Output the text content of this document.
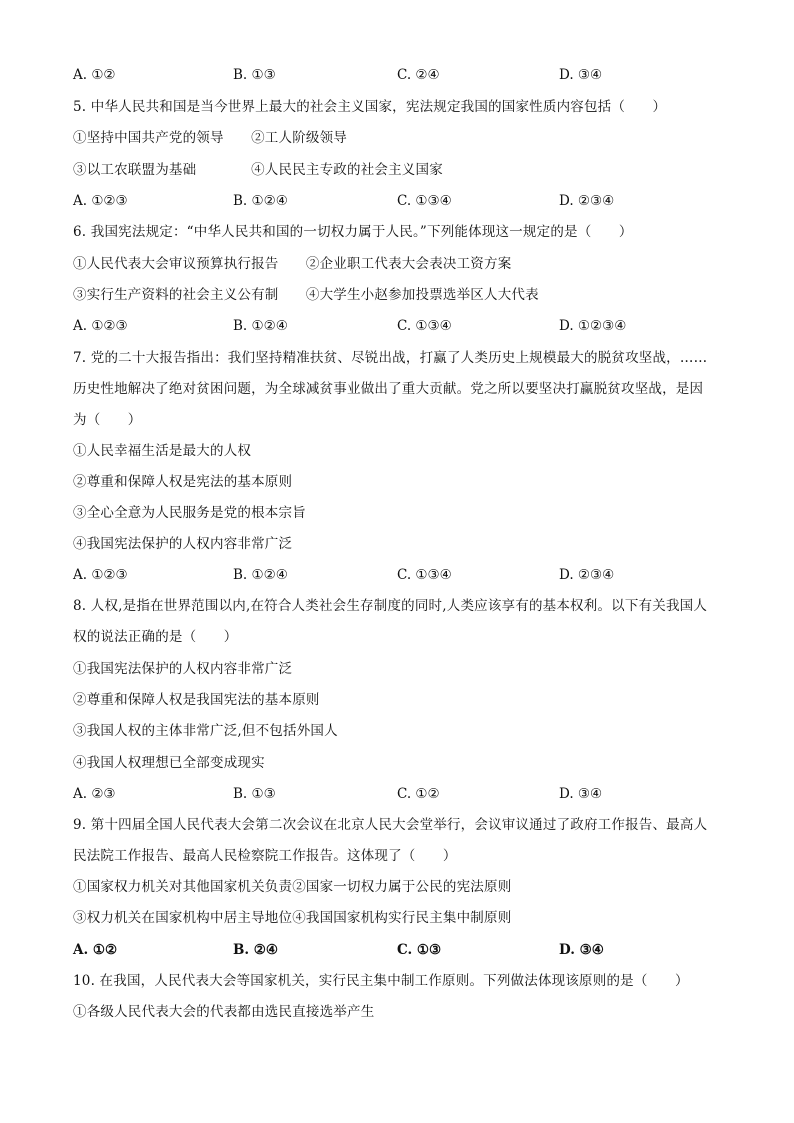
A. ①②	B. ①③	C. ②④	D. ③④
5. 中华人民共和国是当今世界上最大的社会主义国家，宪法规定我国的国家性质内容包括（　　）
①坚持中国共产党的领导　　②工人阶级领导
③以工农联盟为基础　　　　④人民民主专政的社会主义国家
A. ①②③	B. ①②④	C. ①③④	D. ②③④
6. 我国宪法规定：“中华人民共和国的一切权力属于人民。”下列能体现这一规定的是（　　）
①人民代表大会审议预算执行报告　　②企业职工代表大会表决工资方案
③实行生产资料的社会主义公有制　　④大学生小赵参加投票选举区人大代表
A. ①②③	B. ①②④	C. ①③④	D. ①②③④
7. 党的二十大报告指出：我们坚持精准扶贫、尽锐出战，打赢了人类历史上规模最大的脱贫攻坚战，……
历史性地解决了绝对贫困问题，为全球减贫事业做出了重大贡献。党之所以要坚决打赢脱贫攻坚战，是因
为（　　）
①人民幸福生活是最大的人权
②尊重和保障人权是宪法的基本原则
③全心全意为人民服务是党的根本宗旨
④我国宪法保护的人权内容非常广泛
A. ①②③	B. ①②④	C. ①③④	D. ②③④
8. 人权,是指在世界范围以内,在符合人类社会生存制度的同时,人类应该享有的基本权利。以下有关我国人
权的说法正确的是（　　）
①我国宪法保护的人权内容非常广泛
②尊重和保障人权是我国宪法的基本原则
③我国人权的主体非常广泛,但不包括外国人
④我国人权理想已全部变成现实
A. ②③	B. ①③	C. ①②	D. ③④
9. 第十四届全国人民代表大会第二次会议在北京人民大会堂举行，会议审议通过了政府工作报告、最高人
民法院工作报告、最高人民检察院工作报告。这体现了（　　）
①国家权力机关对其他国家机关负责②国家一切权力属于公民的宪法原则
③权力机关在国家机构中居主导地位④我国国家机构实行民主集中制原则
A. ①②	B. ②④	C. ①③	D. ③④
10. 在我国，人民代表大会等国家机关，实行民主集中制工作原则。下列做法体现该原则的是（　　）
①各级人民代表大会的代表都由选民直接选举产生
